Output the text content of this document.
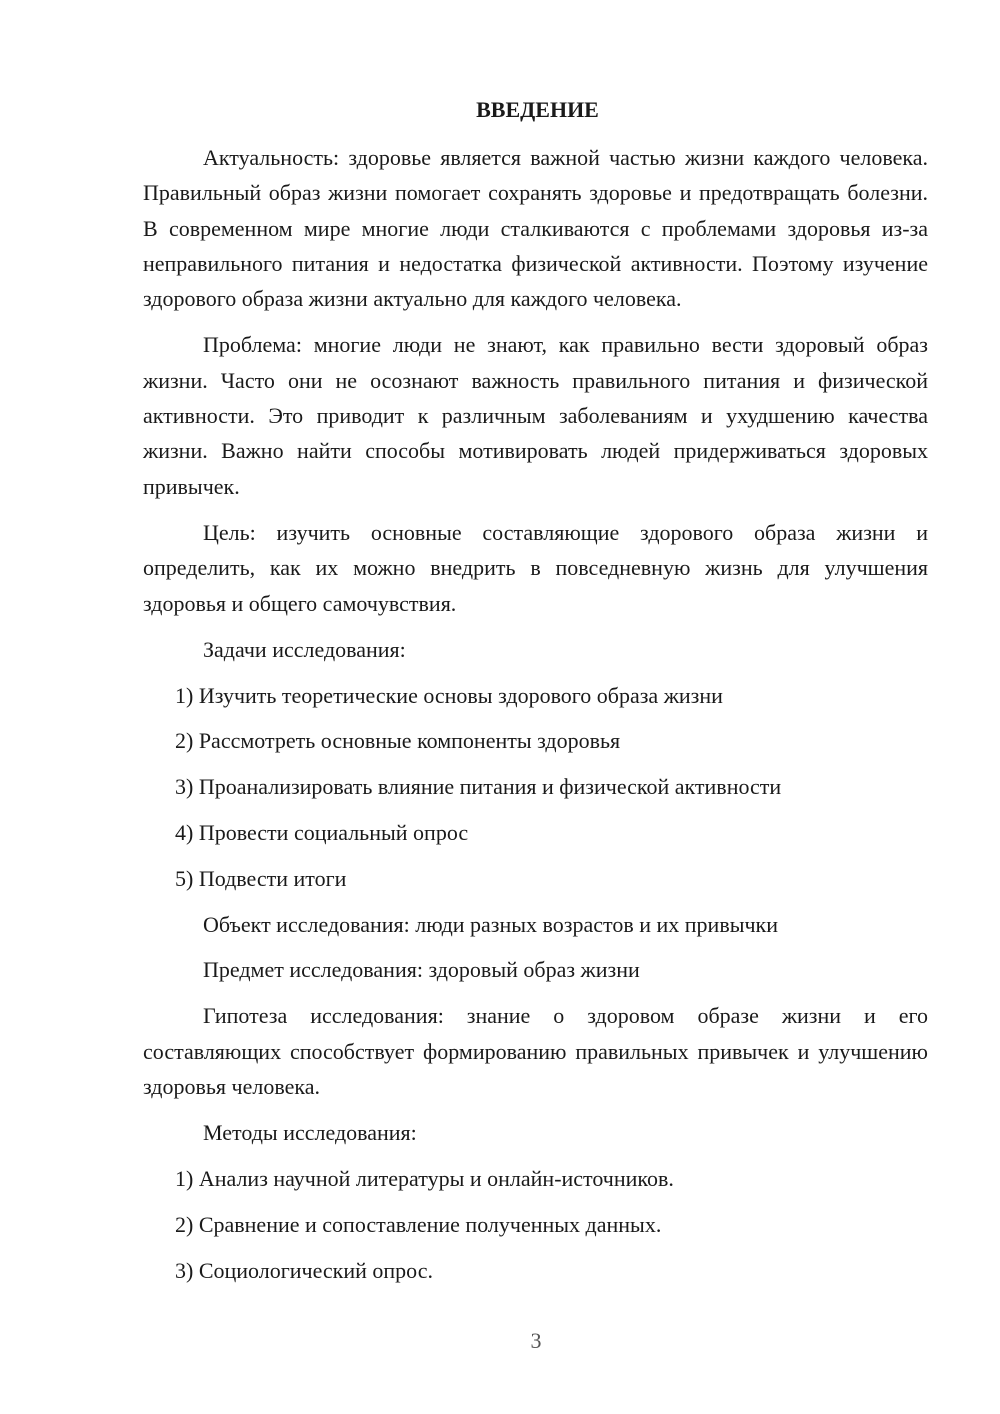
ВВЕДЕНИЕ

Актуальность: здоровье является важной частью жизни каждого человека. Правильный образ жизни помогает сохранять здоровье и предотвращать болезни. В современном мире многие люди сталкиваются с проблемами здоровья из-за неправильного питания и недостатка физической активности. Поэтому изучение здорового образа жизни актуально для каждого человека.

Проблема: многие люди не знают, как правильно вести здоровый образ жизни. Часто они не осознают важность правильного питания и физической активности. Это приводит к различным заболеваниям и ухудшению качества жизни. Важно найти способы мотивировать людей придерживаться здоровых привычек.

Цель: изучить основные составляющие здорового образа жизни и определить, как их можно внедрить в повседневную жизнь для улучшения здоровья и общего самочувствия.

Задачи исследования:

1) Изучить теоретические основы здорового образа жизни

2) Рассмотреть основные компоненты здоровья

3) Проанализировать влияние питания и физической активности

4) Провести социальный опрос

5) Подвести итоги

Объект исследования: люди разных возрастов и их привычки

Предмет исследования: здоровый образ жизни

Гипотеза исследования: знание о здоровом образе жизни и его составляющих способствует формированию правильных привычек и улучшению здоровья человека.

Методы исследования:

1) Анализ научной литературы и онлайн-источников.

2) Сравнение и сопоставление полученных данных.

3) Социологический опрос.

3
